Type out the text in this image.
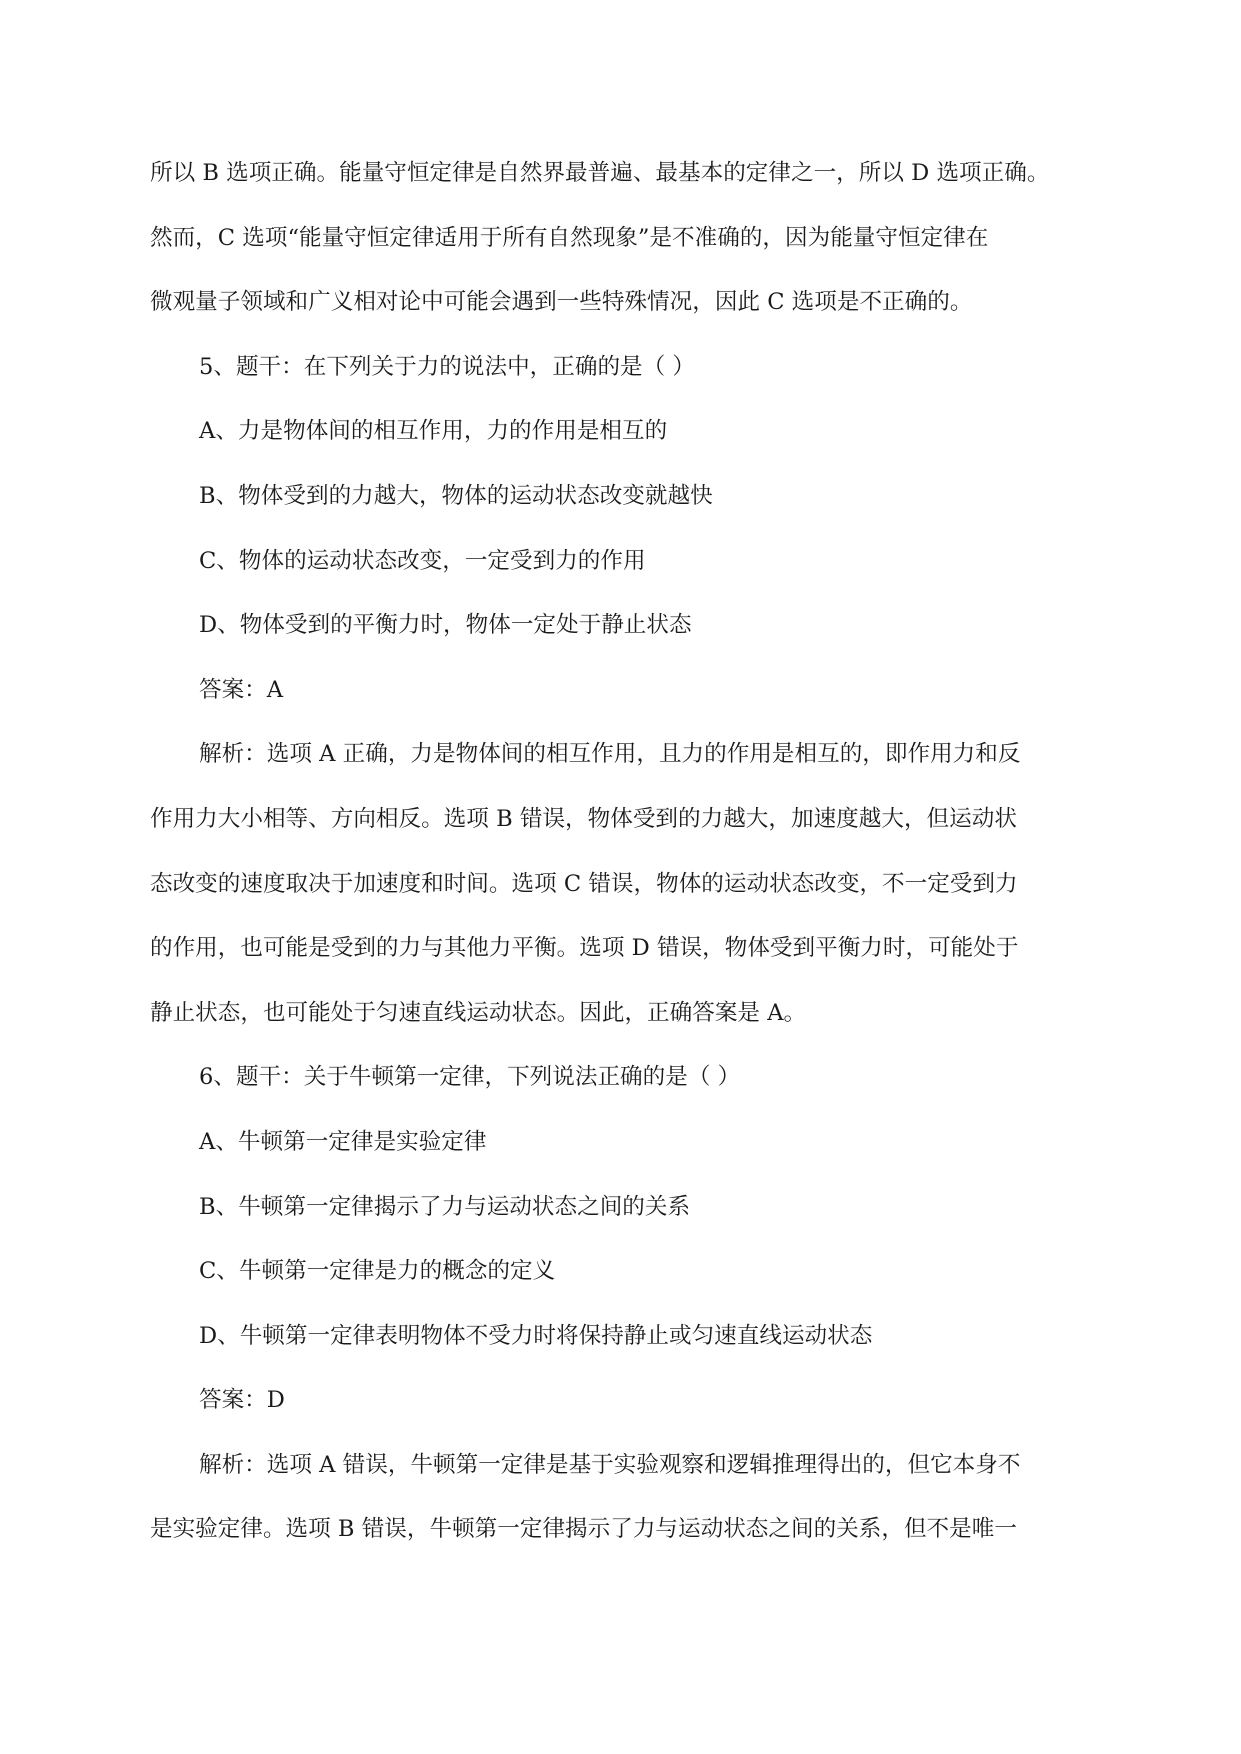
所以 B 选项正确。能量守恒定律是自然界最普遍、最基本的定律之一，所以 D 选项正确。
然而，C 选项“能量守恒定律适用于所有自然现象”是不准确的，因为能量守恒定律在
微观量子领域和广义相对论中可能会遇到一些特殊情况，因此 C 选项是不正确的。
5、题干：在下列关于力的说法中，正确的是（ ）
A、力是物体间的相互作用，力的作用是相互的
B、物体受到的力越大，物体的运动状态改变就越快
C、物体的运动状态改变，一定受到力的作用
D、物体受到的平衡力时，物体一定处于静止状态
答案：A
解析：选项 A 正确，力是物体间的相互作用，且力的作用是相互的，即作用力和反
作用力大小相等、方向相反。选项 B 错误，物体受到的力越大，加速度越大，但运动状
态改变的速度取决于加速度和时间。选项 C 错误，物体的运动状态改变，不一定受到力
的作用，也可能是受到的力与其他力平衡。选项 D 错误，物体受到平衡力时，可能处于
静止状态，也可能处于匀速直线运动状态。因此，正确答案是 A。
6、题干：关于牛顿第一定律，下列说法正确的是（ ）
A、牛顿第一定律是实验定律
B、牛顿第一定律揭示了力与运动状态之间的关系
C、牛顿第一定律是力的概念的定义
D、牛顿第一定律表明物体不受力时将保持静止或匀速直线运动状态
答案：D
解析：选项 A 错误，牛顿第一定律是基于实验观察和逻辑推理得出的，但它本身不
是实验定律。选项 B 错误，牛顿第一定律揭示了力与运动状态之间的关系，但不是唯一
